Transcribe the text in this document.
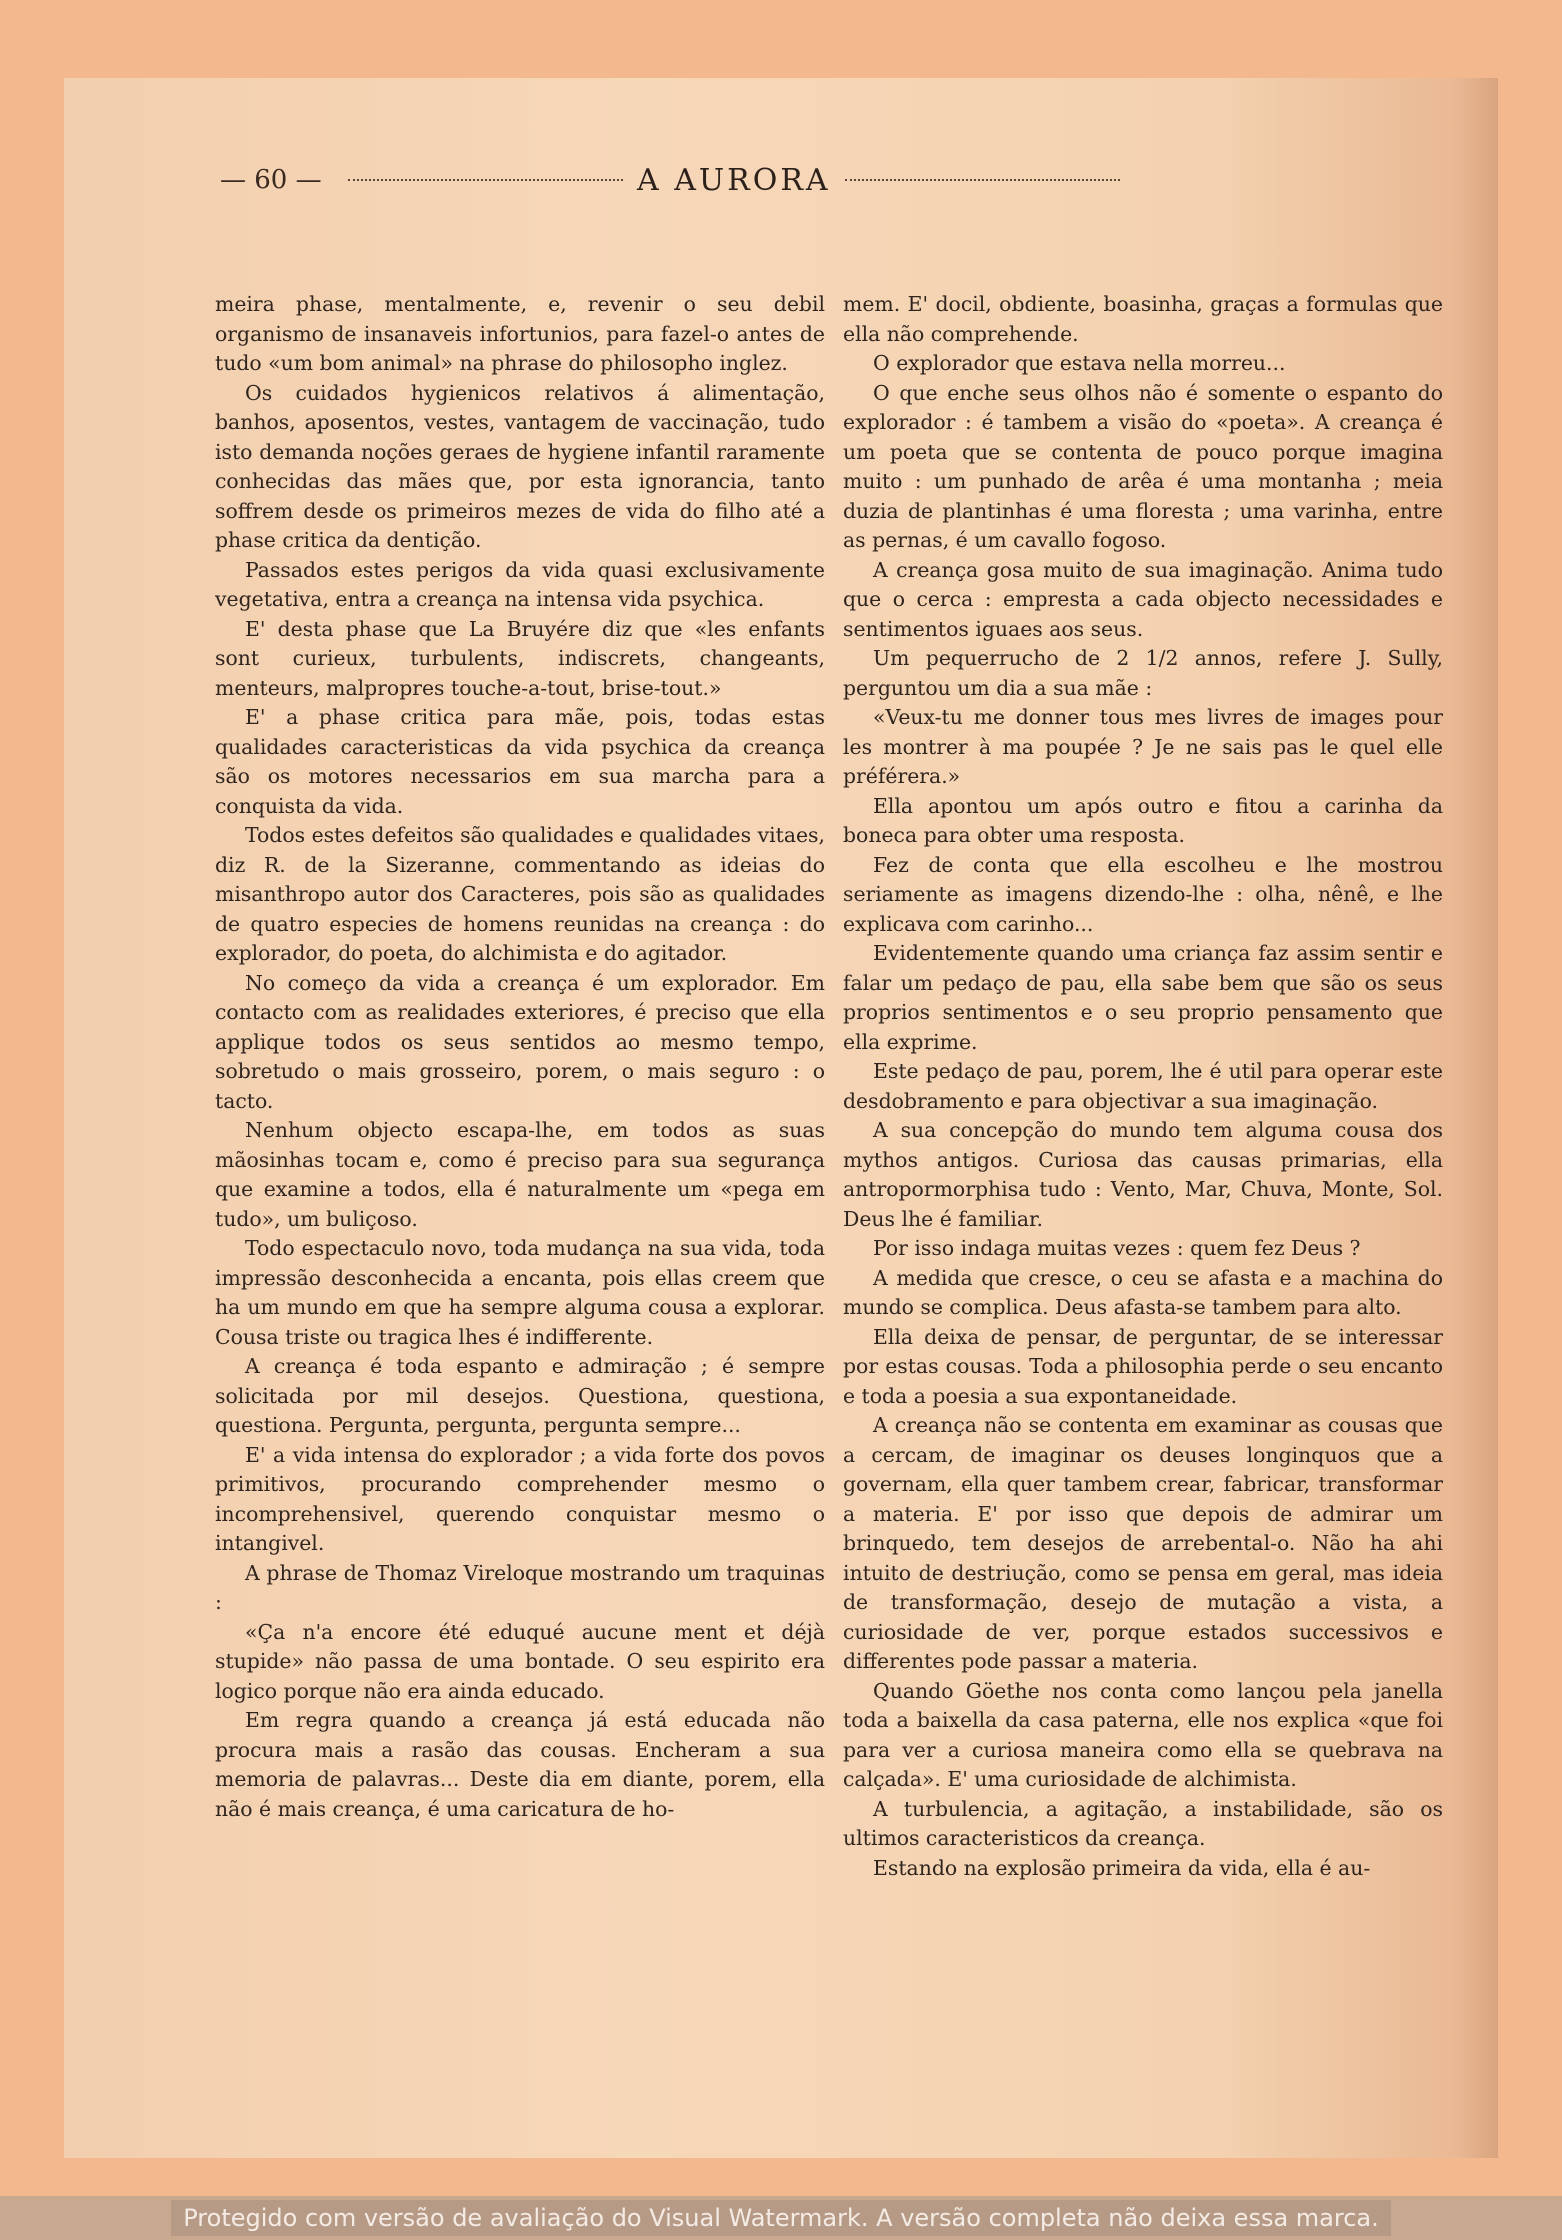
— 60 —	A AURORA

meira phase, mentalmente, e, revenir o seu debil organismo de insanaveis infortunios, para fazel-o antes de tudo «um bom animal» na phrase do philosopho inglez.

Os cuidados hygienicos relativos á alimentação, banhos, aposentos, vestes, vantagem de vaccinação, tudo isto demanda noções geraes de hygiene infantil raramente conhecidas das mães que, por esta ignorancia, tanto soffrem desde os primeiros mezes de vida do filho até a phase critica da dentição.

Passados estes perigos da vida quasi exclusivamente vegetativa, entra a creança na intensa vida psychica.

E' desta phase que La Bruyére diz que «les enfants sont curieux, turbulents, indiscrets, changeants, menteurs, malpropres touche-a-tout, brise-tout.»

E' a phase critica para mãe, pois, todas estas qualidades caracteristicas da vida psychica da creança são os motores necessarios em sua marcha para a conquista da vida.

Todos estes defeitos são qualidades e qualidades vitaes, diz R. de la Sizeranne, commentando as ideias do misanthropo autor dos Caracteres, pois são as qualidades de quatro especies de homens reunidas na creança : do explorador, do poeta, do alchimista e do agitador.

No começo da vida a creança é um explorador. Em contacto com as realidades exteriores, é preciso que ella applique todos os seus sentidos ao mesmo tempo, sobretudo o mais grosseiro, porem, o mais seguro : o tacto.

Nenhum objecto escapa-lhe, em todos as suas mãosinhas tocam e, como é preciso para sua segurança que examine a todos, ella é naturalmente um «pega em tudo», um buliçoso.

Todo espectaculo novo, toda mudança na sua vida, toda impressão desconhecida a encanta, pois ellas creem que ha um mundo em que ha sempre alguma cousa a explorar. Cousa triste ou tragica lhes é indifferente.

A creança é toda espanto e admiração ; é sempre solicitada por mil desejos. Questiona, questiona, questiona. Pergunta, pergunta, pergunta sempre...

E' a vida intensa do explorador ; a vida forte dos povos primitivos, procurando comprehender mesmo o incomprehensivel, querendo conquistar mesmo o intangivel.

A phrase de Thomaz Vireloque mostrando um traquinas :

«Ça n'a encore été eduqué aucune ment et déjà stupide» não passa de uma bontade. O seu espirito era logico porque não era ainda educado.

Em regra quando a creança já está educada não procura mais a rasão das cousas. Encheram a sua memoria de palavras... Deste dia em diante, porem, ella não é mais creança, é uma caricatura de ho-

mem. E' docil, obdiente, boasinha, graças a formulas que ella não comprehende.

O explorador que estava nella morreu...

O que enche seus olhos não é somente o espanto do explorador : é tambem a visão do «poeta». A creança é um poeta que se contenta de pouco porque imagina muito : um punhado de arêa é uma montanha ; meia duzia de plantinhas é uma floresta ; uma varinha, entre as pernas, é um cavallo fogoso.

A creança gosa muito de sua imaginação. Anima tudo que o cerca : empresta a cada objecto necessidades e sentimentos iguaes aos seus.

Um pequerrucho de 2 1/2 annos, refere J. Sully, perguntou um dia a sua mãe :

«Veux-tu me donner tous mes livres de images pour les montrer à ma poupée ? Je ne sais pas le quel elle préférera.»

Ella apontou um após outro e fitou a carinha da boneca para obter uma resposta.

Fez de conta que ella escolheu e lhe mostrou seriamente as imagens dizendo-lhe : olha, nênê, e lhe explicava com carinho...

Evidentemente quando uma criança faz assim sentir e falar um pedaço de pau, ella sabe bem que são os seus proprios sentimentos e o seu proprio pensamento que ella exprime.

Este pedaço de pau, porem, lhe é util para operar este desdobramento e para objectivar a sua imaginação.

A sua concepção do mundo tem alguma cousa dos mythos antigos. Curiosa das causas primarias, ella antropormorphisa tudo : Vento, Mar, Chuva, Monte, Sol. Deus lhe é familiar.

Por isso indaga muitas vezes : quem fez Deus ?

A medida que cresce, o ceu se afasta e a machina do mundo se complica. Deus afasta-se tambem para alto.

Ella deixa de pensar, de perguntar, de se interessar por estas cousas. Toda a philosophia perde o seu encanto e toda a poesia a sua expontaneidade.

A creança não se contenta em examinar as cousas que a cercam, de imaginar os deuses longinquos que a governam, ella quer tambem crear, fabricar, transformar a materia. E' por isso que depois de admirar um brinquedo, tem desejos de arrebental-o. Não ha ahi intuito de destriução, como se pensa em geral, mas ideia de transformação, desejo de mutação a vista, a curiosidade de ver, porque estados successivos e differentes pode passar a materia.

Quando Göethe nos conta como lançou pela janella toda a baixella da casa paterna, elle nos explica «que foi para ver a curiosa maneira como ella se quebrava na calçada». E' uma curiosidade de alchimista.

A turbulencia, a agitação, a instabilidade, são os ultimos caracteristicos da creança.

Estando na explosão primeira da vida, ella é au-

Protegido com versão de avaliação do Visual Watermark. A versão completa não deixa essa marca.
